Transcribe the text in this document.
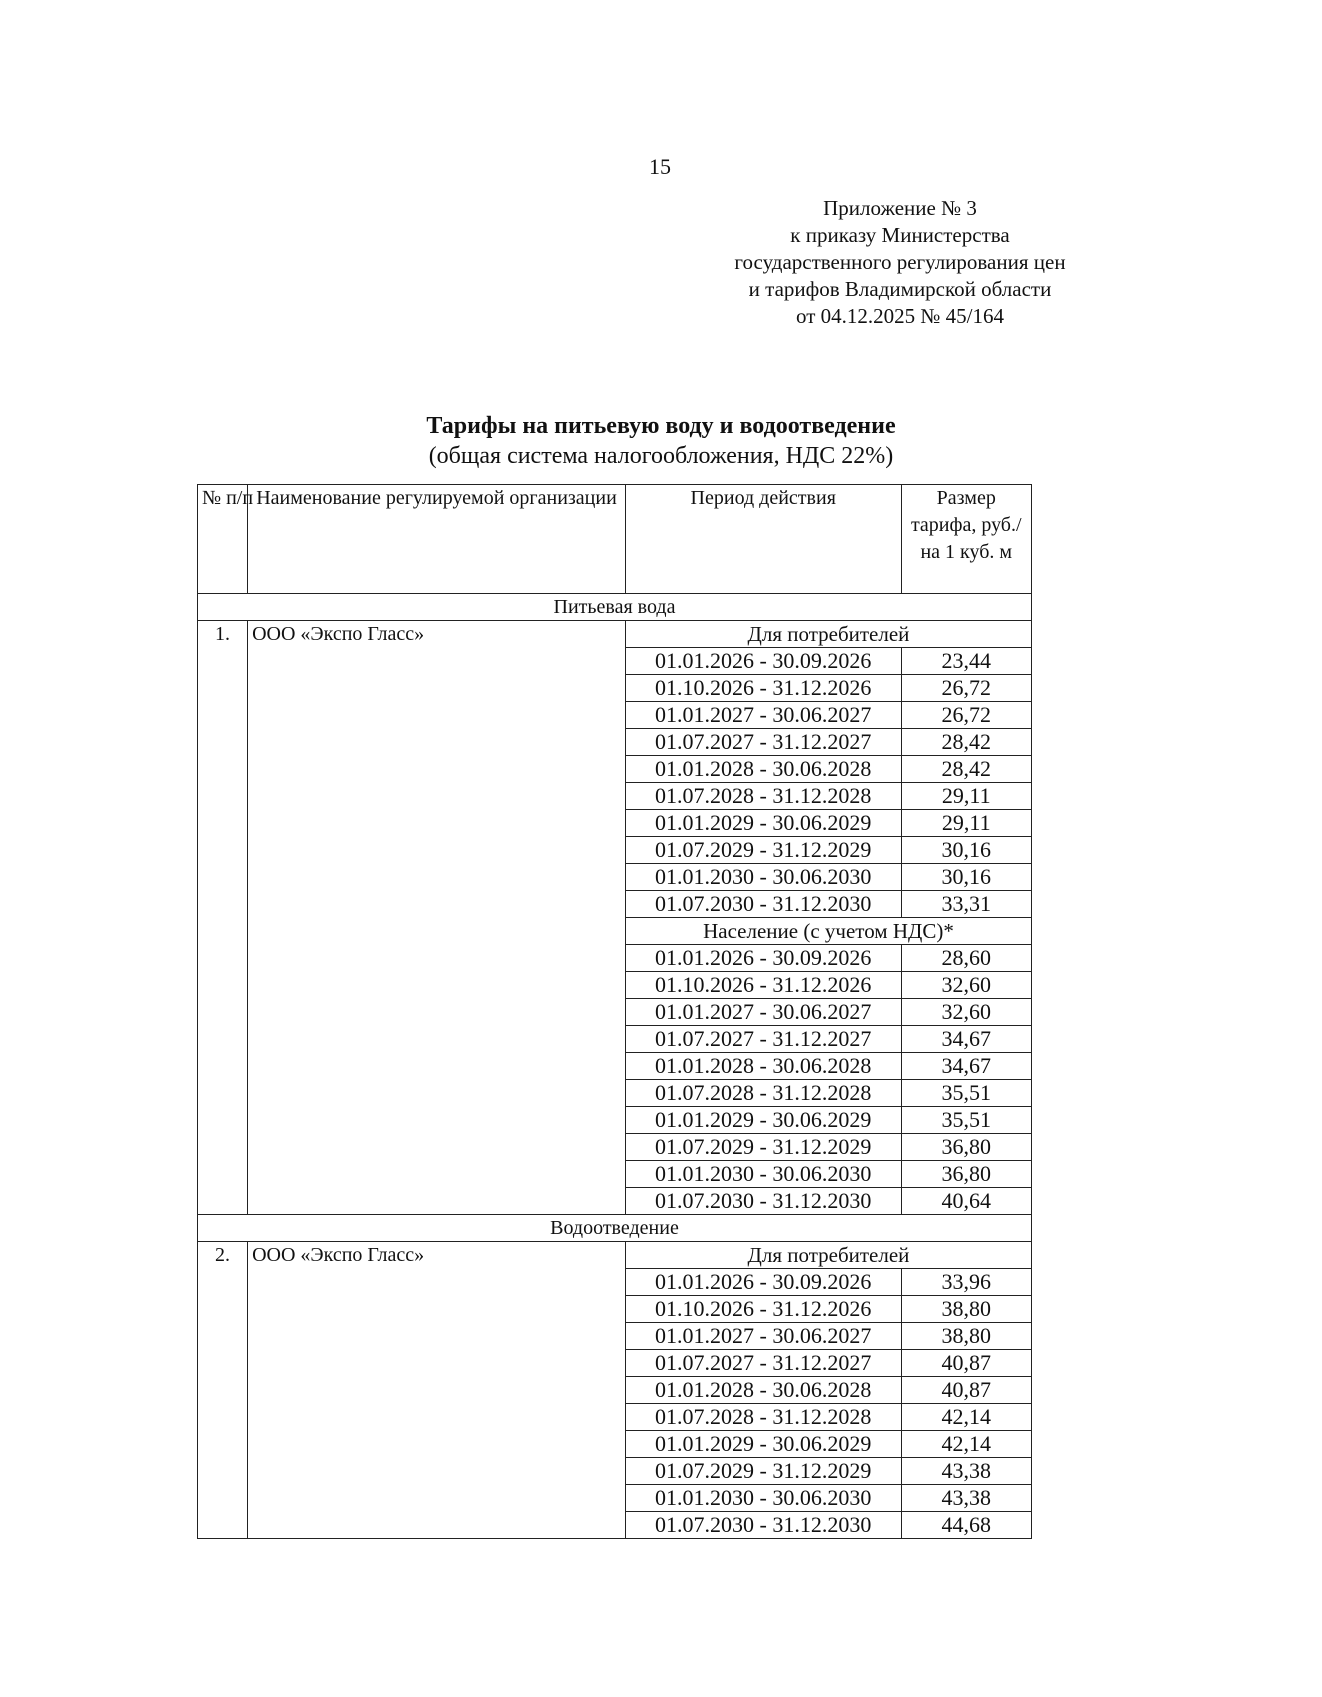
15
Приложение № 3
к приказу Министерства
государственного регулирования цен
и тарифов Владимирской области
от 04.12.2025 № 45/164
Тарифы на питьевую воду и водоотведение
(общая система налогообложения, НДС 22%)
№ п/п	Наименование регулируемой организации	Период действия	Размер тарифа, руб./на 1 куб. м
Питьевая вода			
1.	ООО «Экспо Гласс»	Для потребителей	
		01.01.2026 - 30.09.2026	23,44
		01.10.2026 - 31.12.2026	26,72
		01.01.2027 - 30.06.2027	26,72
		01.07.2027 - 31.12.2027	28,42
		01.01.2028 - 30.06.2028	28,42
		01.07.2028 - 31.12.2028	29,11
		01.01.2029 - 30.06.2029	29,11
		01.07.2029 - 31.12.2029	30,16
		01.01.2030 - 30.06.2030	30,16
		01.07.2030 - 31.12.2030	33,31
		Население (с учетом НДС)*	
		01.01.2026 - 30.09.2026	28,60
		01.10.2026 - 31.12.2026	32,60
		01.01.2027 - 30.06.2027	32,60
		01.07.2027 - 31.12.2027	34,67
		01.01.2028 - 30.06.2028	34,67
		01.07.2028 - 31.12.2028	35,51
		01.01.2029 - 30.06.2029	35,51
		01.07.2029 - 31.12.2029	36,80
		01.01.2030 - 30.06.2030	36,80
		01.07.2030 - 31.12.2030	40,64
Водоотведение			
2.	ООО «Экспо Гласс»	Для потребителей	
		01.01.2026 - 30.09.2026	33,96
		01.10.2026 - 31.12.2026	38,80
		01.01.2027 - 30.06.2027	38,80
		01.07.2027 - 31.12.2027	40,87
		01.01.2028 - 30.06.2028	40,87
		01.07.2028 - 31.12.2028	42,14
		01.01.2029 - 30.06.2029	42,14
		01.07.2029 - 31.12.2029	43,38
		01.01.2030 - 30.06.2030	43,38
		01.07.2030 - 31.12.2030	44,68
